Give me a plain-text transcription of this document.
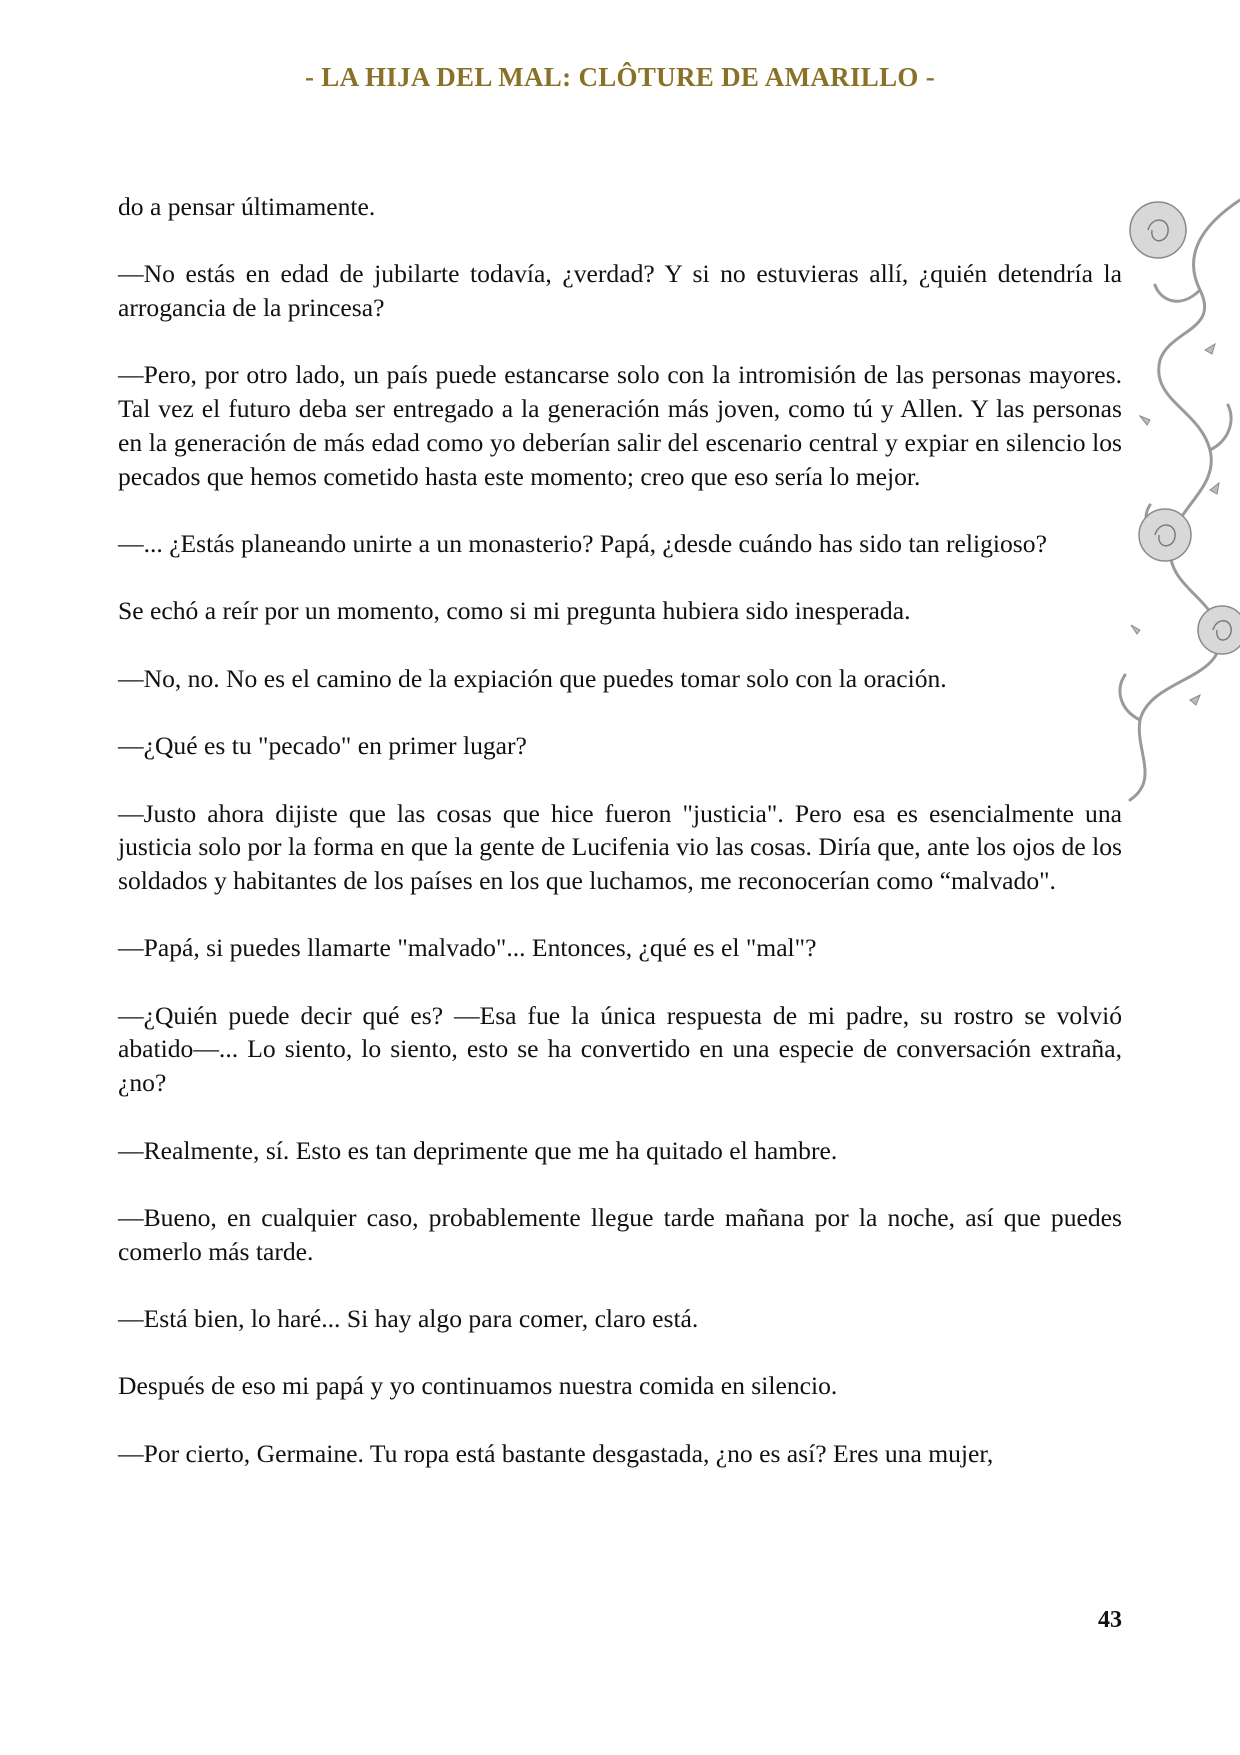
- LA HIJA DEL MAL: CLÔTURE DE AMARILLO -

do a pensar últimamente.

—No estás en edad de jubilarte todavía, ¿verdad? Y si no estuvieras allí, ¿quién detendría la arrogancia de la princesa?

—Pero, por otro lado, un país puede estancarse solo con la intromisión de las personas mayores. Tal vez el futuro deba ser entregado a la generación más joven, como tú y Allen. Y las personas en la generación de más edad como yo deberían salir del escenario central y expiar en silencio los pecados que hemos cometido hasta este momento; creo que eso sería lo mejor.

—... ¿Estás planeando unirte a un monasterio? Papá, ¿desde cuándo has sido tan religioso?

Se echó a reír por un momento, como si mi pregunta hubiera sido inesperada.

—No, no. No es el camino de la expiación que puedes tomar solo con la oración.

—¿Qué es tu "pecado" en primer lugar?

—Justo ahora dijiste que las cosas que hice fueron "justicia". Pero esa es esencialmente una justicia solo por la forma en que la gente de Lucifenia vio las cosas. Diría que, ante los ojos de los soldados y habitantes de los países en los que luchamos, me reconocerían como “malvado".

—Papá, si puedes llamarte "malvado"... Entonces, ¿qué es el "mal"?

—¿Quién puede decir qué es? —Esa fue la única respuesta de mi padre, su rostro se volvió abatido—... Lo siento, lo siento, esto se ha convertido en una especie de conversación extraña, ¿no?

—Realmente, sí. Esto es tan deprimente que me ha quitado el hambre.

—Bueno, en cualquier caso, probablemente llegue tarde mañana por la noche, así que puedes comerlo más tarde.

—Está bien, lo haré... Si hay algo para comer, claro está.

Después de eso mi papá y yo continuamos nuestra comida en silencio.

—Por cierto, Germaine. Tu ropa está bastante desgastada, ¿no es así? Eres una mujer,

43
